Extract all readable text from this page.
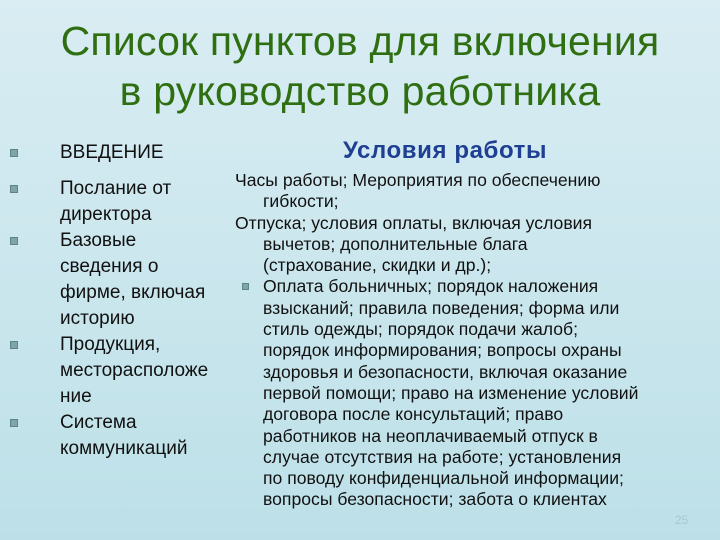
Список пунктов для включения
в руководство работника
ВВЕДЕНИЕ
Послание от директора
Базовые сведения о фирме, включая историю
Продукция, месторасположе ние
Система коммуникаций
Условия работы

Часы работы; Мероприятия по обеспечению
гибкости;

Отпуска; условия оплаты, включая условия
вычетов; дополнительные блага
(страхование, скидки и др.);

Оплата больничных; порядок наложения
взысканий; правила поведения; форма или
стиль одежды; порядок подачи жалоб;
порядок информирования; вопросы охраны
здоровья и безопасности, включая оказание
первой помощи; право на изменение условий
договора после консультаций; право
работников на неоплачиваемый отпуск в
случае отсутствия на работе; установления
по поводу конфиденциальной информации;
вопросы безопасности; забота о клиентах
25
